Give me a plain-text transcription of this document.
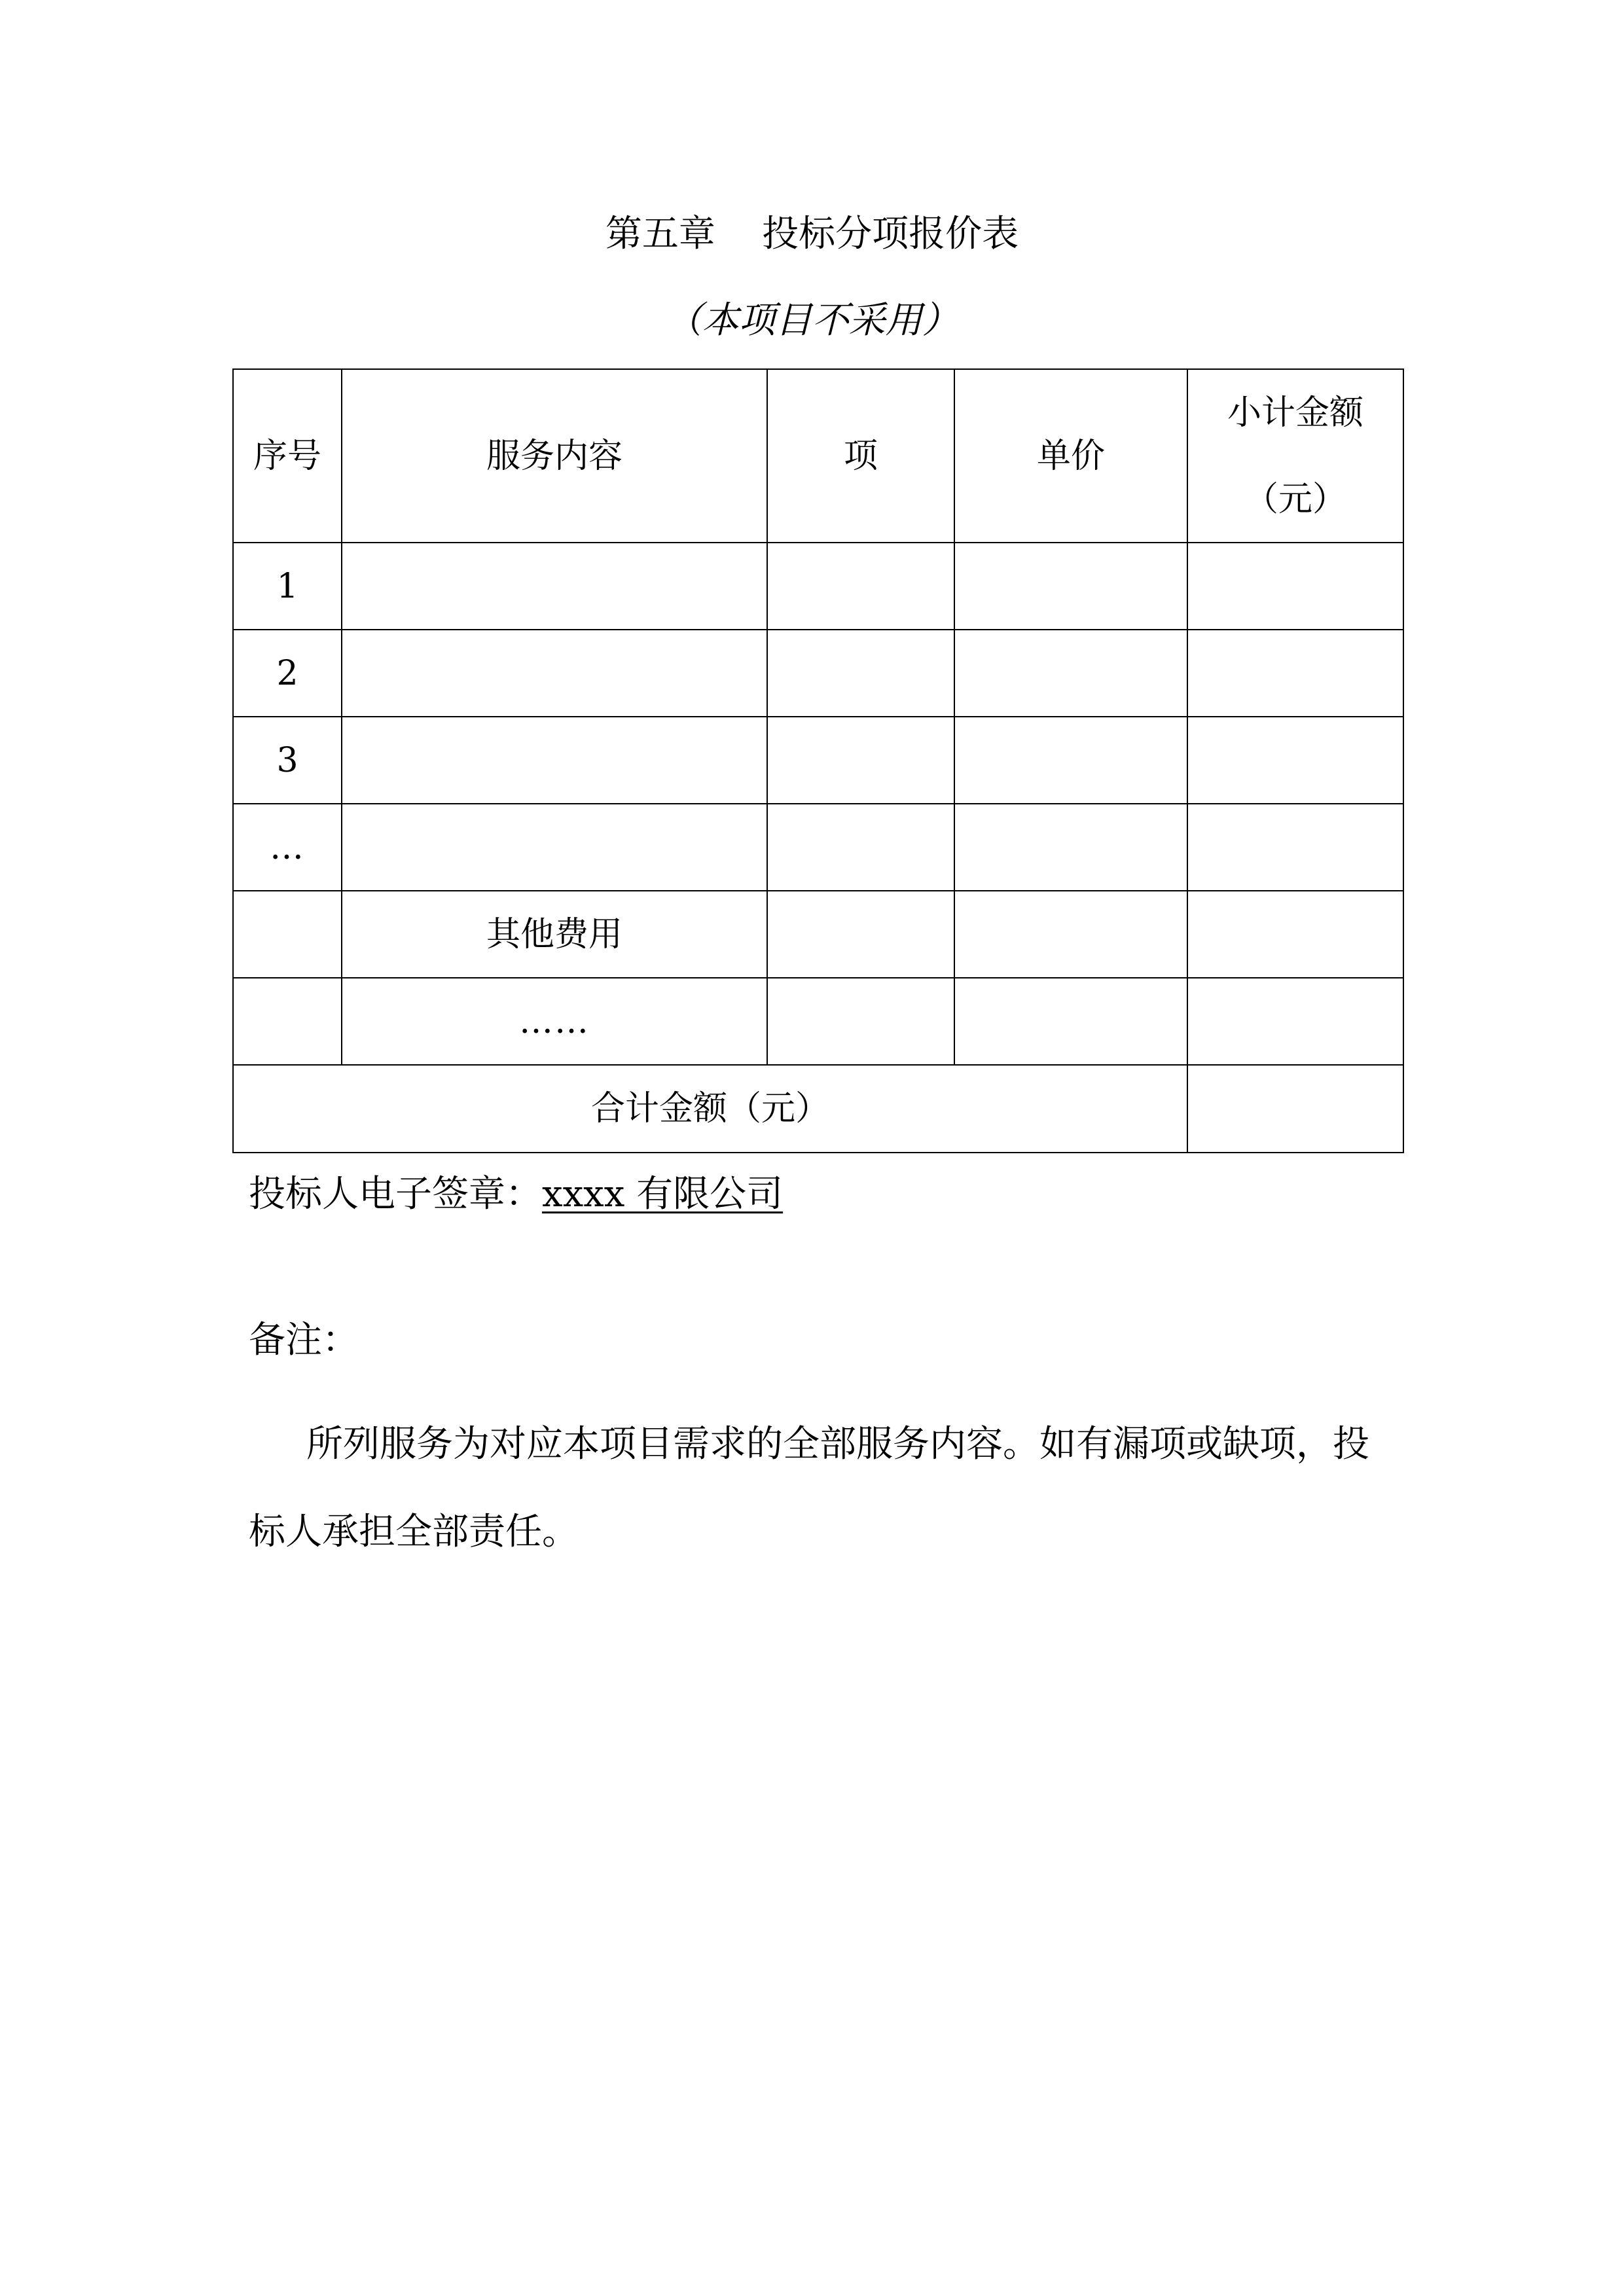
第五章    投标分项报价表
（本项目不采用）
序号	服务内容	项	单价	小计金额
（元）
1				
2				
3				
…				
	其他费用			
	……			
合计金额（元）				
投标人电子签章：xxxx 有限公司
备注：
所列服务为对应本项目需求的全部服务内容。如有漏项或缺项，投标人承担全部责任。
